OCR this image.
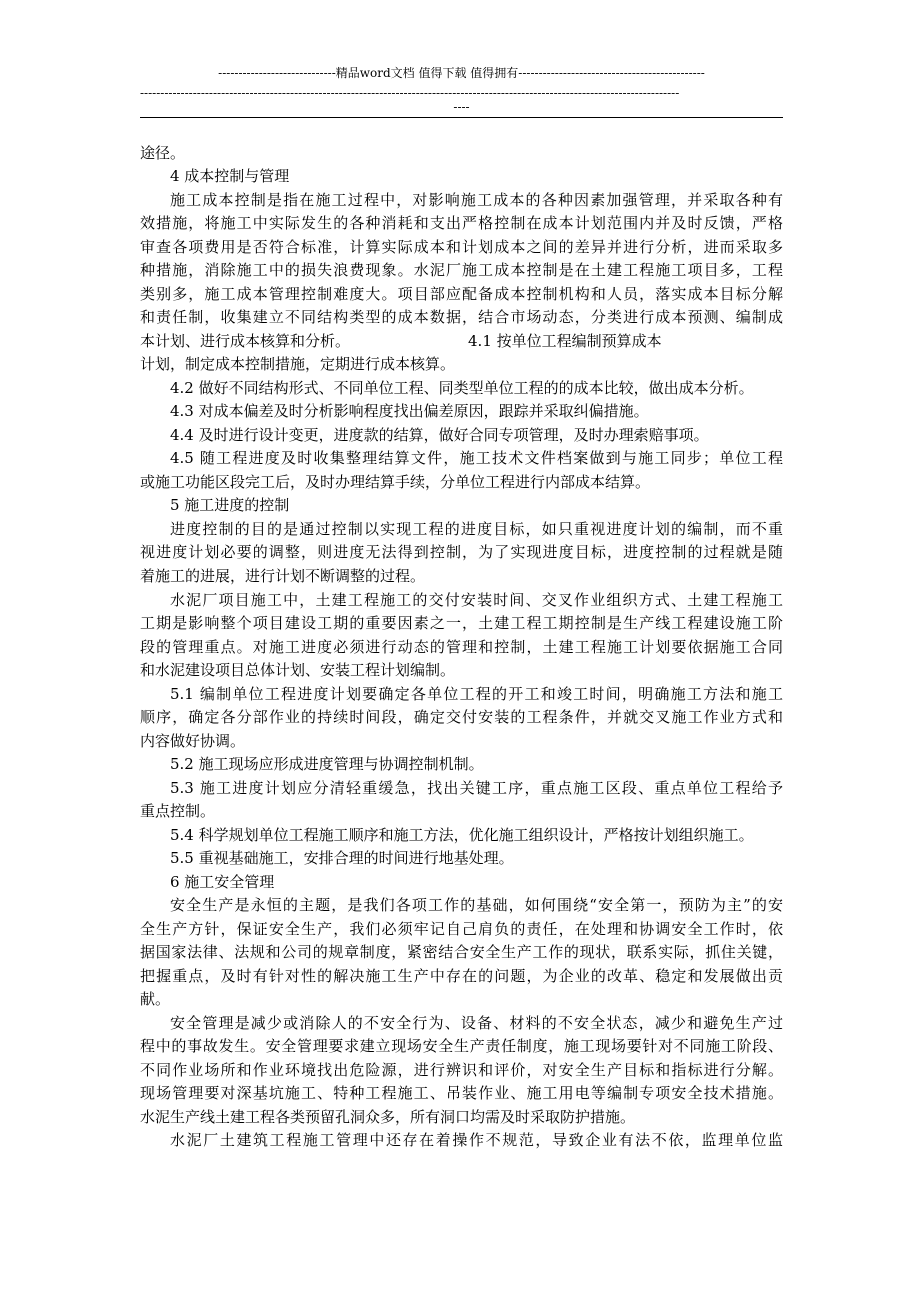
-----------------------------精品word文档 值得下载 值得拥有----------------------------------------------
-------------------------------------------------------------------------------------------------------------------------------------
----
途径。
4 成本控制与管理
施工成本控制是指在施工过程中，对影响施工成本的各种因素加强管理，并采取各种有
效措施，将施工中实际发生的各种消耗和支出严格控制在成本计划范围内并及时反馈，严格
审查各项费用是否符合标准，计算实际成本和计划成本之间的差异并进行分析，进而采取多
种措施，消除施工中的损失浪费现象。水泥厂施工成本控制是在土建工程施工项目多，工程
类别多，施工成本管理控制难度大。项目部应配备成本控制机构和人员，落实成本目标分解
和责任制，收集建立不同结构类型的成本数据，结合市场动态，分类进行成本预测、编制成
本计划、进行成本核算和分析。	4.1 按单位工程编制预算成本
计划，制定成本控制措施，定期进行成本核算。
4.2 做好不同结构形式、不同单位工程、同类型单位工程的的成本比较，做出成本分析。
4.3 对成本偏差及时分析影响程度找出偏差原因，跟踪并采取纠偏措施。
4.4 及时进行设计变更，进度款的结算，做好合同专项管理，及时办理索赔事项。
4.5 随工程进度及时收集整理结算文件，施工技术文件档案做到与施工同步；单位工程
或施工功能区段完工后，及时办理结算手续，分单位工程进行内部成本结算。
5 施工进度的控制
进度控制的目的是通过控制以实现工程的进度目标，如只重视进度计划的编制，而不重
视进度计划必要的调整，则进度无法得到控制，为了实现进度目标，进度控制的过程就是随
着施工的进展，进行计划不断调整的过程。
水泥厂项目施工中，土建工程施工的交付安装时间、交叉作业组织方式、土建工程施工
工期是影响整个项目建设工期的重要因素之一，土建工程工期控制是生产线工程建设施工阶
段的管理重点。对施工进度必须进行动态的管理和控制，土建工程施工计划要依据施工合同
和水泥建设项目总体计划、安装工程计划编制。
5.1 编制单位工程进度计划要确定各单位工程的开工和竣工时间，明确施工方法和施工
顺序，确定各分部作业的持续时间段，确定交付安装的工程条件，并就交叉施工作业方式和
内容做好协调。
5.2 施工现场应形成进度管理与协调控制机制。
5.3 施工进度计划应分清轻重缓急，找出关键工序，重点施工区段、重点单位工程给予
重点控制。
5.4 科学规划单位工程施工顺序和施工方法，优化施工组织设计，严格按计划组织施工。
5.5 重视基础施工，安排合理的时间进行地基处理。
6 施工安全管理
安全生产是永恒的主题，是我们各项工作的基础，如何围绕“安全第一，预防为主”的安
全生产方针，保证安全生产，我们必须牢记自己肩负的责任，在处理和协调安全工作时，依
据国家法律、法规和公司的规章制度，紧密结合安全生产工作的现状，联系实际，抓住关键，
把握重点，及时有针对性的解决施工生产中存在的问题，为企业的改革、稳定和发展做出贡
献。
安全管理是减少或消除人的不安全行为、设备、材料的不安全状态，减少和避免生产过
程中的事故发生。安全管理要求建立现场安全生产责任制度，施工现场要针对不同施工阶段、
不同作业场所和作业环境找出危险源，进行辨识和评价，对安全生产目标和指标进行分解。
现场管理要对深基坑施工、特种工程施工、吊装作业、施工用电等编制专项安全技术措施。
水泥生产线土建工程各类预留孔洞众多，所有洞口均需及时采取防护措施。
水泥厂土建筑工程施工管理中还存在着操作不规范，导致企业有法不依，监理单位监
